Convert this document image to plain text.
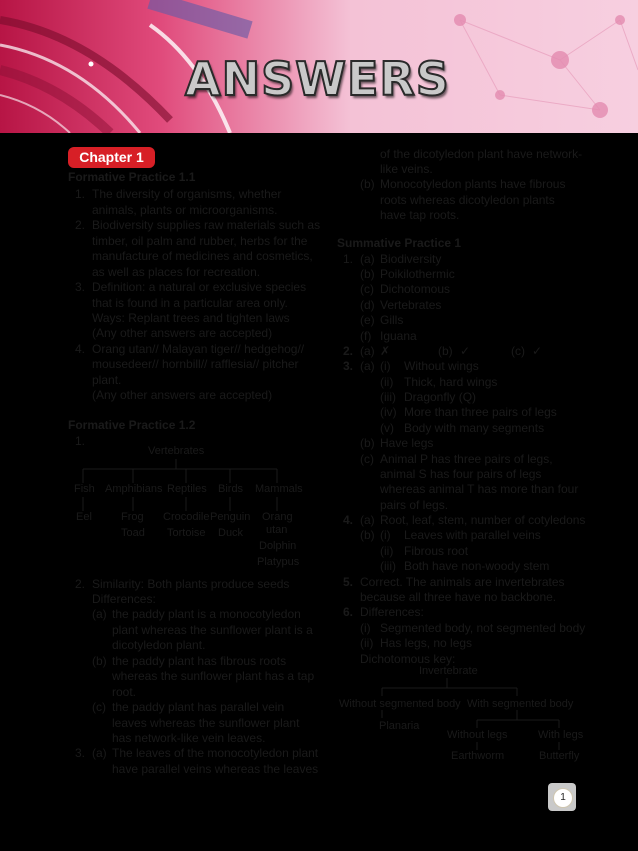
ANSWERS
Chapter 1
Formative Practice 1.1
1. The diversity of organisms, whether
animals, plants or microorganisms.
2. Biodiversity supplies raw materials such as
timber, oil palm and rubber, herbs for the
manufacture of medicines and cosmetics,
as well as places for recreation.
3. Definition: a natural or exclusive species
that is found in a particular area only.
Ways: Replant trees and tighten laws
(Any other answers are accepted)
4. Orang utan// Malayan tiger// hedgehog//
mousedeer// hornbill// rafflesia// pitcher
plant.
(Any other answers are accepted)
Formative Practice 1.2
1.
2. Similarity: Both plants produce seeds
Differences:
(a) the paddy plant is a monocotyledon
plant whereas the sunflower plant is a
dicotyledon plant.
(b) the paddy plant has fibrous roots
whereas the sunflower plant has a tap
root.
(c) the paddy plant has parallel vein
leaves whereas the sunflower plant
has network-like vein leaves.
3. (a) The leaves of the monocotyledon plant
have parallel veins whereas the leaves
of the dicotyledon plant have network-
like veins.
(b) Monocotyledon plants have fibrous
roots whereas dicotyledon plants
have tap roots.
Summative Practice 1
1. (a) Biodiversity
(b) Poikilothermic
(c) Dichotomous
(d) Vertebrates
(e) Gills
(f) Iguana
2. (a) ✗	(b) ✓	(c) ✓
3. (a) (i) Without wings
(ii) Thick, hard wings
(iii) Dragonfly (Q)
(iv) More than three pairs of legs
(v) Body with many segments
(b) Have legs
(c) Animal P has three pairs of legs,
animal S has four pairs of legs
whereas animal T has more than four
pairs of legs.
4. (a) Root, leaf, stem, number of cotyledons
(b) (i) Leaves with parallel veins
(ii) Fibrous root
(iii) Both have non-woody stem
5. Correct. The animals are invertebrates
because all three have no backbone.
6. Differences:
(i) Segmented body, not segmented body
(ii) Has legs, no legs
Dichotomous key:
Vertebrates
Fish Amphibians Reptiles Birds Mammals
Eel	Frog
Toad
Crocodile
Tortoise
Penguin
Duck
Orang
utan
Dolphin
Platypus
Invertebrate
Without segmented body With segmented body
Planaria
Without legs	With legs
Earthworm	Butterfly
1
